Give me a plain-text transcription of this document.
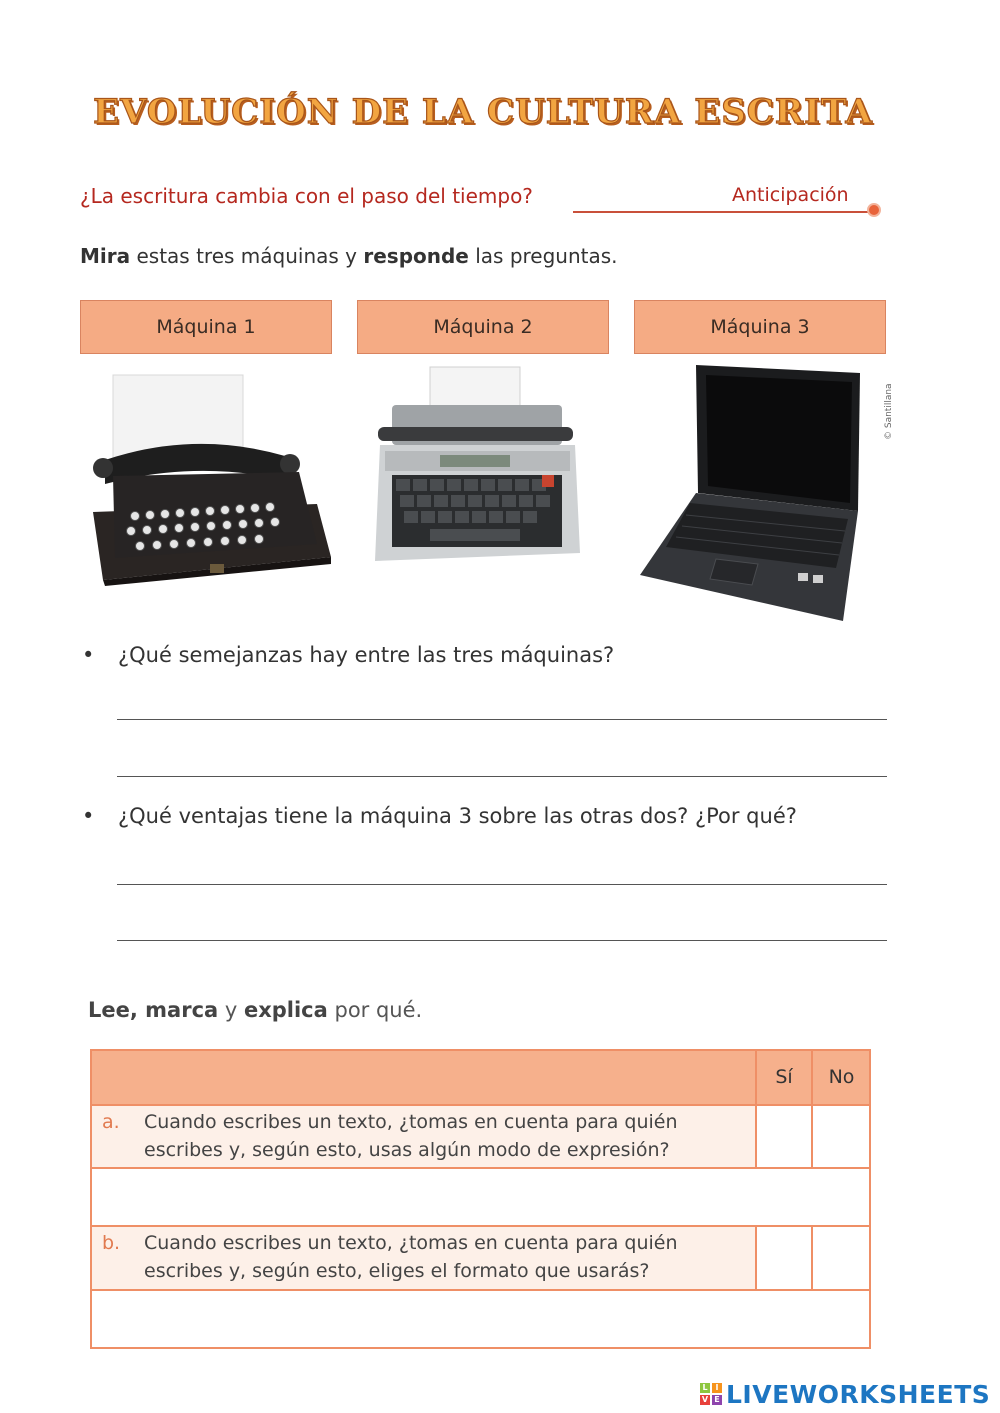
EVOLUCIÓN DE LA CULTURA ESCRITA
¿La escritura cambia con el paso del tiempo?	Anticipación
Mira estas tres máquinas y responde las preguntas.
Máquina 1	Máquina 2	Máquina 3
© Santillana
• ¿Qué semejanzas hay entre las tres máquinas?
• ¿Qué ventajas tiene la máquina 3 sobre las otras dos? ¿Por qué?
Lee, marca y explica por qué.
Sí	No
a. Cuando escribes un texto, ¿tomas en cuenta para quién
escribes y, según esto, usas algún modo de expresión?
b. Cuando escribes un texto, ¿tomas en cuenta para quién
escribes y, según esto, eliges el formato que usarás?
L I
V E LIVEWORKSHEETS
